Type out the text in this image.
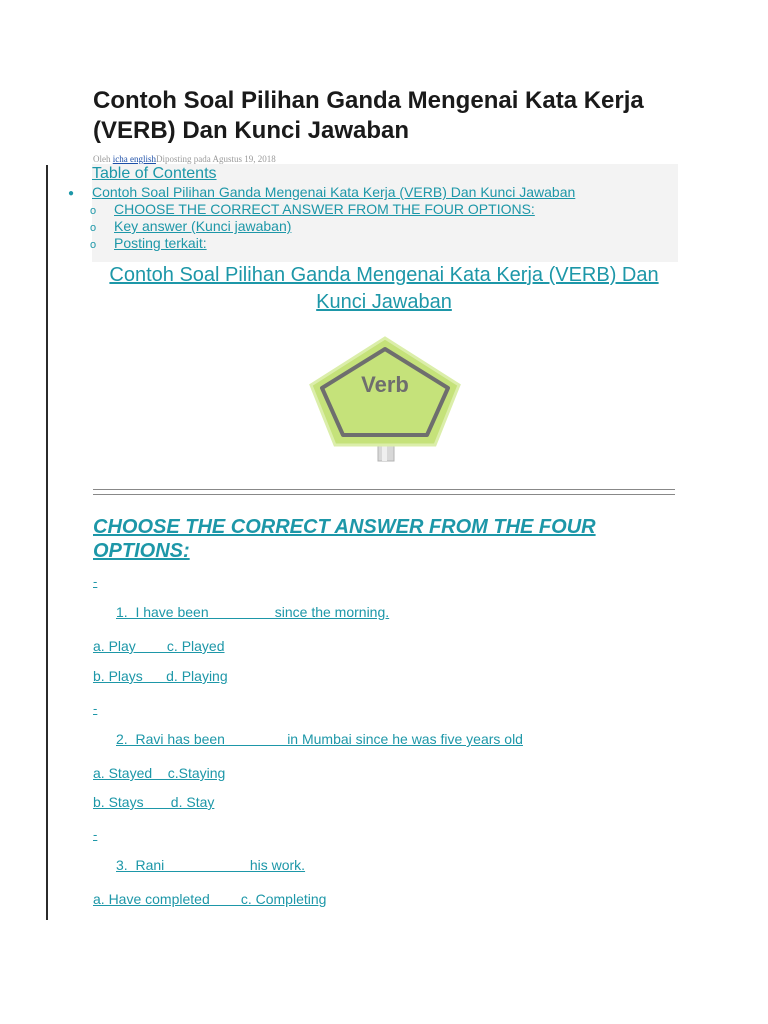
Contoh Soal Pilihan Ganda Mengenai Kata Kerja (VERB) Dan Kunci Jawaban
Oleh icha englishDiposting pada Agustus 19, 2018
Table of Contents
● Contoh Soal Pilihan Ganda Mengenai Kata Kerja (VERB) Dan Kunci Jawaban
o CHOOSE THE CORRECT ANSWER FROM THE FOUR OPTIONS:
o Key answer (Kunci jawaban)
o Posting terkait:
Contoh Soal Pilihan Ganda Mengenai Kata Kerja (VERB) Dan Kunci Jawaban
Verb
CHOOSE THE CORRECT ANSWER FROM THE FOUR OPTIONS:
-
1.  I have been                 since the morning.
a. Play        c. Played
b. Plays      d. Playing
-
2.  Ravi has been                in Mumbai since he was five years old
a. Stayed    c.Staying
b. Stays       d. Stay
-
3.  Rani                      his work.
a. Have completed        c. Completing
